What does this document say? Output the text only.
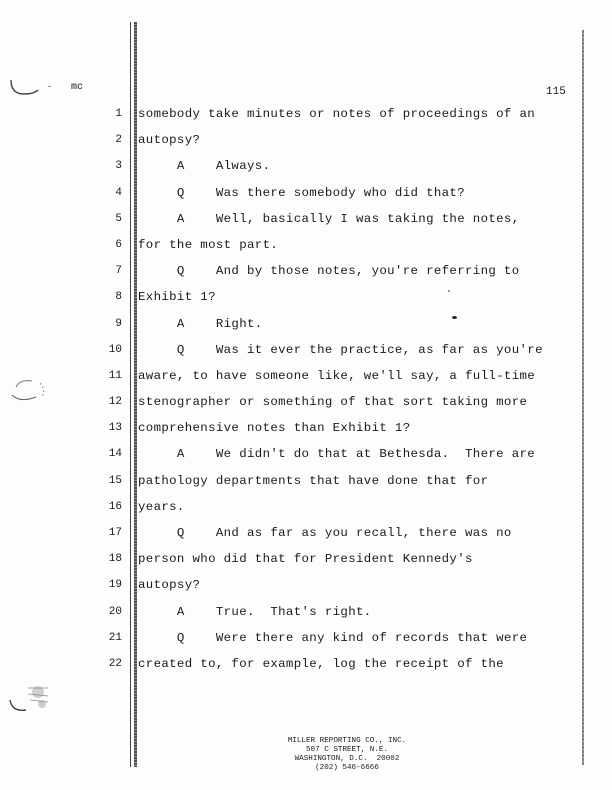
mc	115
1 somebody take minutes or notes of proceedings of an
2 autopsy?
3 A    Always.
4 Q    Was there somebody who did that?
5 A    Well, basically I was taking the notes,
6 for the most part.
7 Q    And by those notes, you're referring to
8 Exhibit 1?
9 A    Right.
10 Q    Was it ever the practice, as far as you're
11 aware, to have someone like, we'll say, a full-time
12 stenographer or something of that sort taking more
13 comprehensive notes than Exhibit 1?
14 A    We didn't do that at Bethesda.  There are
15 pathology departments that have done that for
16 years.
17 Q    And as far as you recall, there was no
18 person who did that for President Kennedy's
19 autopsy?
20 A    True.  That's right.
21 Q    Were there any kind of records that were
22 created to, for example, log the receipt of the
MILLER REPORTING CO., INC.
507 C STREET, N.E.
WASHINGTON, D.C.  20002
(202) 546-6666
